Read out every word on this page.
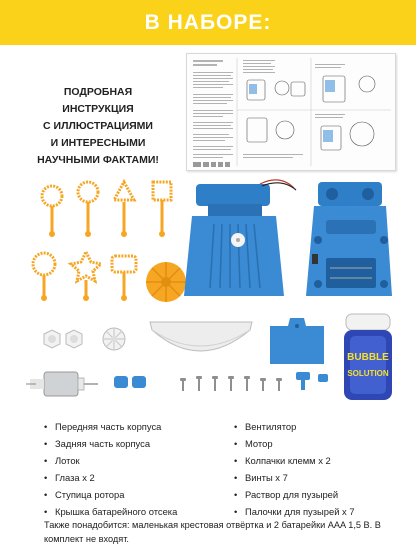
В НАБОРЕ:
ПОДРОБНАЯ ИНСТРУКЦИЯ
С ИЛЛЮСТРАЦИЯМИ
И ИНТЕРЕСНЫМИ
НАУЧНЫМИ ФАКТАМИ!
BUBBLE
SOLUTION
• Передняя часть корпуса
• Задняя часть корпуса
• Лоток
• Глаза x 2
• Ступица ротора
• Крышка батарейного отсека
• Вентилятор
• Мотор
• Колпачки клемм x 2
• Винты x 7
• Раствор для пузырей
• Палочки для пузырей x 7
Также понадобится: маленькая крестовая отвёртка и 2 батарейки AAA 1,5 В. В комплект не входят.
